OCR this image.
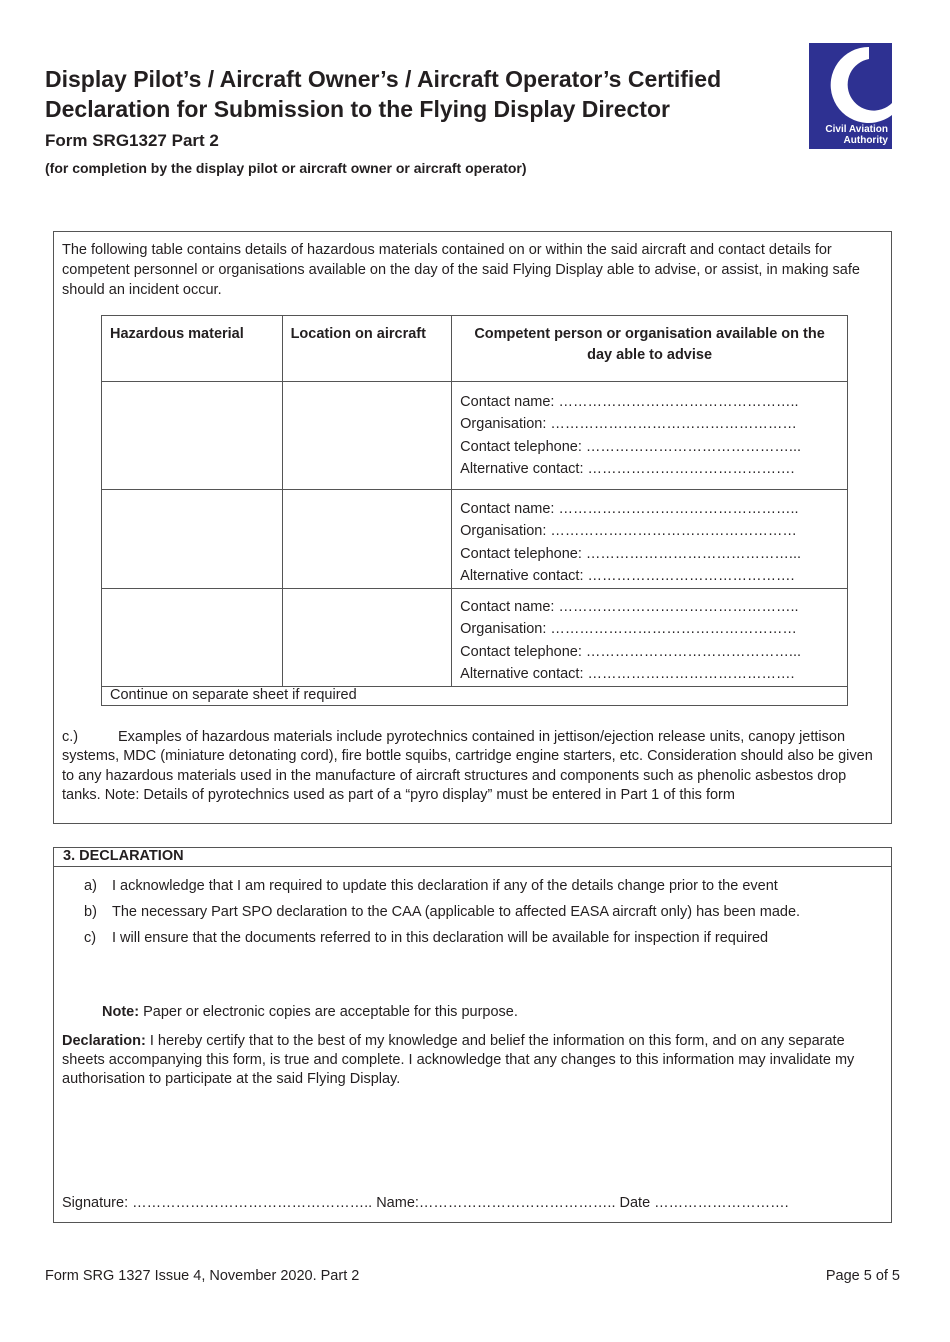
Display Pilot’s / Aircraft Owner’s / Aircraft Operator’s Certified
Declaration for Submission to the Flying Display Director
Form SRG1327 Part 2
(for completion by the display pilot or aircraft owner or aircraft operator)
Civil Aviation
Authority
The following table contains details of hazardous materials contained on or within the said aircraft and contact details for competent personnel or organisations available on the day of the said Flying Display able to advise, or assist, in making safe should an incident occur.
Hazardous material	Location on aircraft	Competent person or organisation available on the day able to advise

		Contact name: …………………………………………..
Organisation: ……………………………………………
Contact telephone: ……………………………………...
Alternative contact: …………………………………….

		Contact name: …………………………………………..
Organisation: ……………………………………………
Contact telephone: ……………………………………...
Alternative contact: …………………………………….

		Contact name: …………………………………………..
Organisation: ……………………………………………
Contact telephone: ……………………………………...
Alternative contact: …………………………………….

Continue on separate sheet if required		
c.)	Examples of hazardous materials include pyrotechnics contained in jettison/ejection release units, canopy jettison systems, MDC (miniature detonating cord), fire bottle squibs, cartridge engine starters, etc. Consideration should also be given to any hazardous materials used in the manufacture of aircraft structures and components such as phenolic asbestos drop tanks. Note: Details of pyrotechnics used as part of a “pyro display” must be entered in Part 1 of this form
3. DECLARATION
a) I acknowledge that I am required to update this declaration if any of the details change prior to the event
b) The necessary Part SPO declaration to the CAA (applicable to affected EASA aircraft only) has been made.
c) I will ensure that the documents referred to in this declaration will be available for inspection if required
Note: Paper or electronic copies are acceptable for this purpose.
Declaration: I hereby certify that to the best of my knowledge and belief the information on this form, and on any separate sheets accompanying this form, is true and complete. I acknowledge that any changes to this information may invalidate my authorisation to participate at the said Flying Display.
Signature: ………………………………………….. Name:………………………………….. Date ……………………….
Form SRG 1327 Issue 4, November 2020. Part 2	Page 5 of 5
